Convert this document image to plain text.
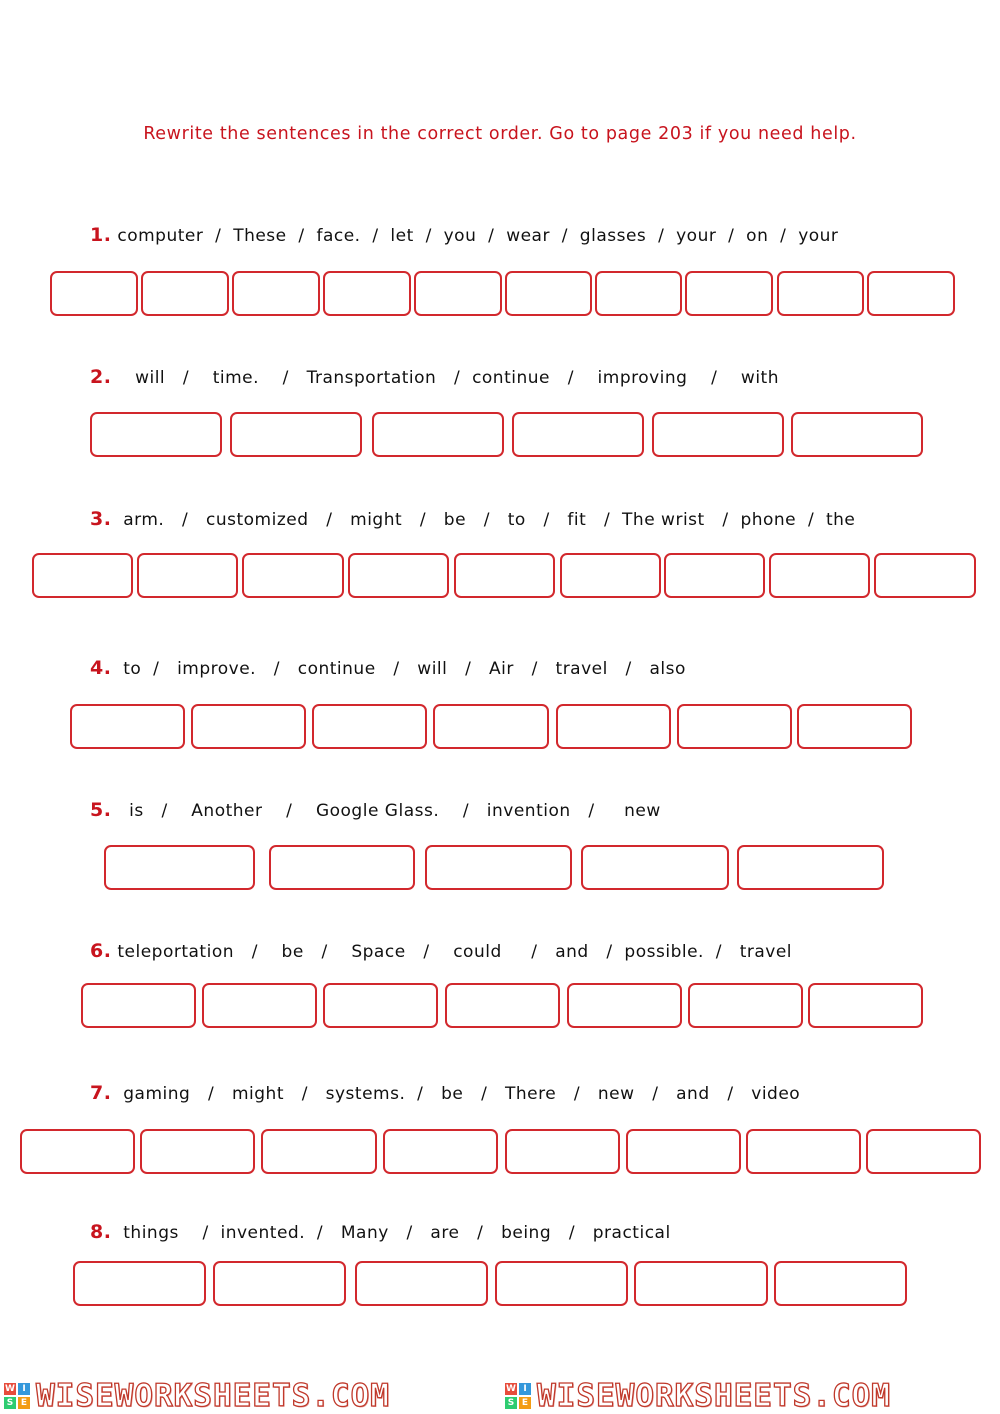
Rewrite the sentences in the correct order. Go to page 203 if you need help.
1. computer  /  These  /  face.  /  let  /  you  /  wear  /  glasses  /  your  /  on  /  your
2.    will   /    time.    /   Transportation   /  continue   /    improving    /    with
3.  arm.   /   customized   /   might   /   be   /   to   /   fit   /  The wrist   /  phone  /  the
4.  to  /   improve.   /   continue   /   will   /   Air   /   travel   /   also
5.   is   /    Another    /    Google Glass.    /   invention   /     new
6. teleportation   /    be   /    Space   /    could     /   and   /  possible.  /   travel
7.  gaming   /   might   /   systems.  /   be   /   There   /   new   /   and   /   video
8.  things    /  invented.  /   Many   /   are   /   being   /   practical
W I
S E WISEWORKSHEETS.COM	W I
S E WISEWORKSHEETS.COM
